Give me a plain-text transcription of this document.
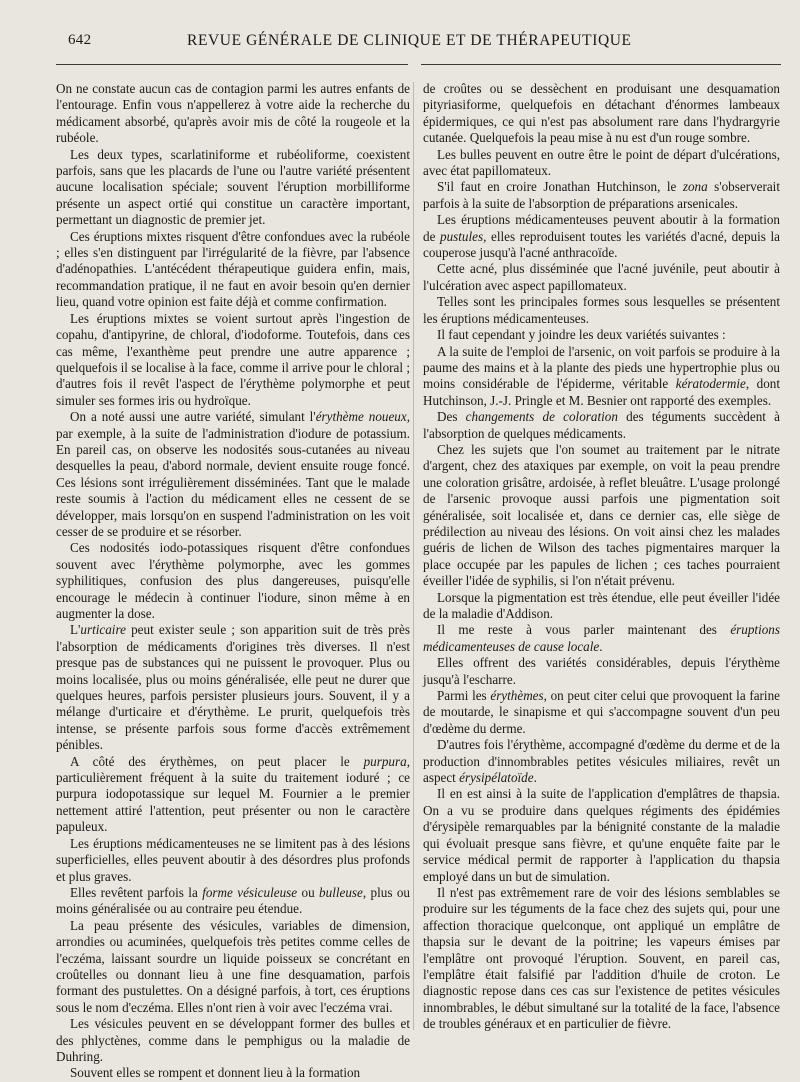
642	REVUE GÉNÉRALE DE CLINIQUE ET DE THÉRAPEUTIQUE

On ne constate aucun cas de contagion parmi les autres enfants de l'entourage. Enfin vous n'appellerez à votre aide la recherche du médicament absorbé, qu'après avoir mis de côté la rougeole et la rubéole.

Les deux types, scarlatiniforme et rubéoliforme, coexistent parfois, sans que les placards de l'une ou l'autre variété présentent aucune localisation spéciale; souvent l'éruption morbilliforme présente un aspect ortié qui constitue un caractère important, permettant un diagnostic de premier jet.

Ces éruptions mixtes risquent d'être confondues avec la rubéole ; elles s'en distinguent par l'irrégularité de la fièvre, par l'absence d'adénopathies. L'antécédent thérapeutique guidera enfin, mais, recommandation pratique, il ne faut en avoir besoin qu'en dernier lieu, quand votre opinion est faite déjà et comme confirmation.

Les éruptions mixtes se voient surtout après l'ingestion de copahu, d'antipyrine, de chloral, d'iodoforme. Toutefois, dans ces cas même, l'exanthème peut prendre une autre apparence ; quelquefois il se localise à la face, comme il arrive pour le chloral ; d'autres fois il revêt l'aspect de l'érythème polymorphe et peut simuler ses formes iris ou hydroïque.

On a noté aussi une autre variété, simulant l'érythème noueux, par exemple, à la suite de l'administration d'iodure de potassium. En pareil cas, on observe les nodosités sous-cutanées au niveau desquelles la peau, d'abord normale, devient ensuite rouge foncé. Ces lésions sont irrégulièrement disséminées. Tant que le malade reste soumis à l'action du médicament elles ne cessent de se développer, mais lorsqu'on en suspend l'administration on les voit cesser de se produire et se résorber.

Ces nodosités iodo-potassiques risquent d'être confondues souvent avec l'érythème polymorphe, avec les gommes syphilitiques, confusion des plus dangereuses, puisqu'elle encourage le médecin à continuer l'iodure, sinon même à en augmenter la dose.

L'urticaire peut exister seule ; son apparition suit de très près l'absorption de médicaments d'origines très diverses. Il n'est presque pas de substances qui ne puissent le provoquer. Plus ou moins localisée, plus ou moins généralisée, elle peut ne durer que quelques heures, parfois persister plusieurs jours. Souvent, il y a mélange d'urticaire et d'érythème. Le prurit, quelquefois très intense, se présente parfois sous forme d'accès extrêmement pénibles.

A côté des érythèmes, on peut placer le purpura, particulièrement fréquent à la suite du traitement ioduré ; ce purpura iodopotassique sur lequel M. Fournier a le premier nettement attiré l'attention, peut présenter ou non le caractère papuleux.

Les éruptions médicamenteuses ne se limitent pas à des lésions superficielles, elles peuvent aboutir à des désordres plus profonds et plus graves.

Elles revêtent parfois la forme vésiculeuse ou bulleuse, plus ou moins généralisée ou au contraire peu étendue.

La peau présente des vésicules, variables de dimension, arrondies ou acuminées, quelquefois très petites comme celles de l'eczéma, laissant sourdre un liquide poisseux se concrétant en croûtelles ou donnant lieu à une fine desquamation, parfois formant des pustulettes. On a désigné parfois, à tort, ces éruptions sous le nom d'eczéma. Elles n'ont rien à voir avec l'eczéma vrai.

Les vésicules peuvent en se développant former des bulles et des phlyctènes, comme dans le pemphigus ou la maladie de Duhring.

Souvent elles se rompent et donnent lieu à la formation

de croûtes ou se dessèchent en produisant une desquamation pityriasiforme, quelquefois en détachant d'énormes lambeaux épidermiques, ce qui n'est pas absolument rare dans l'hydrargyrie cutanée. Quelquefois la peau mise à nu est d'un rouge sombre.

Les bulles peuvent en outre être le point de départ d'ulcérations, avec état papillomateux.

S'il faut en croire Jonathan Hutchinson, le zona s'observerait parfois à la suite de l'absorption de préparations arsenicales.

Les éruptions médicamenteuses peuvent aboutir à la formation de pustules, elles reproduisent toutes les variétés d'acné, depuis la couperose jusqu'à l'acné anthracoïde.

Cette acné, plus disséminée que l'acné juvénile, peut aboutir à l'ulcération avec aspect papillomateux.

Telles sont les principales formes sous lesquelles se présentent les éruptions médicamenteuses.

Il faut cependant y joindre les deux variétés suivantes :

A la suite de l'emploi de l'arsenic, on voit parfois se produire à la paume des mains et à la plante des pieds une hypertrophie plus ou moins considérable de l'épiderme, véritable kératodermie, dont Hutchinson, J.-J. Pringle et M. Besnier ont rapporté des exemples.

Des changements de coloration des téguments succèdent à l'absorption de quelques médicaments.

Chez les sujets que l'on soumet au traitement par le nitrate d'argent, chez des ataxiques par exemple, on voit la peau prendre une coloration grisâtre, ardoisée, à reflet bleuâtre. L'usage prolongé de l'arsenic provoque aussi parfois une pigmentation soit généralisée, soit localisée et, dans ce dernier cas, elle siège de prédilection au niveau des lésions. On voit ainsi chez les malades guéris de lichen de Wilson des taches pigmentaires marquer la place occupée par les papules de lichen ; ces taches pourraient éveiller l'idée de syphilis, si l'on n'était prévenu.

Lorsque la pigmentation est très étendue, elle peut éveiller l'idée de la maladie d'Addison.

Il me reste à vous parler maintenant des éruptions médicamenteuses de cause locale.

Elles offrent des variétés considérables, depuis l'érythème jusqu'à l'escharre.

Parmi les érythèmes, on peut citer celui que provoquent la farine de moutarde, le sinapisme et qui s'accompagne souvent d'un peu d'œdème du derme.

D'autres fois l'érythème, accompagné d'œdème du derme et de la production d'innombrables petites vésicules miliaires, revêt un aspect érysipélatoïde.

Il en est ainsi à la suite de l'application d'emplâtres de thapsia. On a vu se produire dans quelques régiments des épidémies d'érysipèle remarquables par la bénignité constante de la maladie qui évoluait presque sans fièvre, et qu'une enquête faite par le service médical permit de rapporter à l'application du thapsia employé dans un but de simulation.

Il n'est pas extrêmement rare de voir des lésions semblables se produire sur les téguments de la face chez des sujets qui, pour une affection thoracique quelconque, ont appliqué un emplâtre de thapsia sur le devant de la poitrine; les vapeurs émises par l'emplâtre ont provoqué l'éruption. Souvent, en pareil cas, l'emplâtre était falsifié par l'addition d'huile de croton. Le diagnostic repose dans ces cas sur l'existence de petites vésicules innombrables, le début simultané sur la totalité de la face, l'absence de troubles généraux et en particulier de fièvre.
